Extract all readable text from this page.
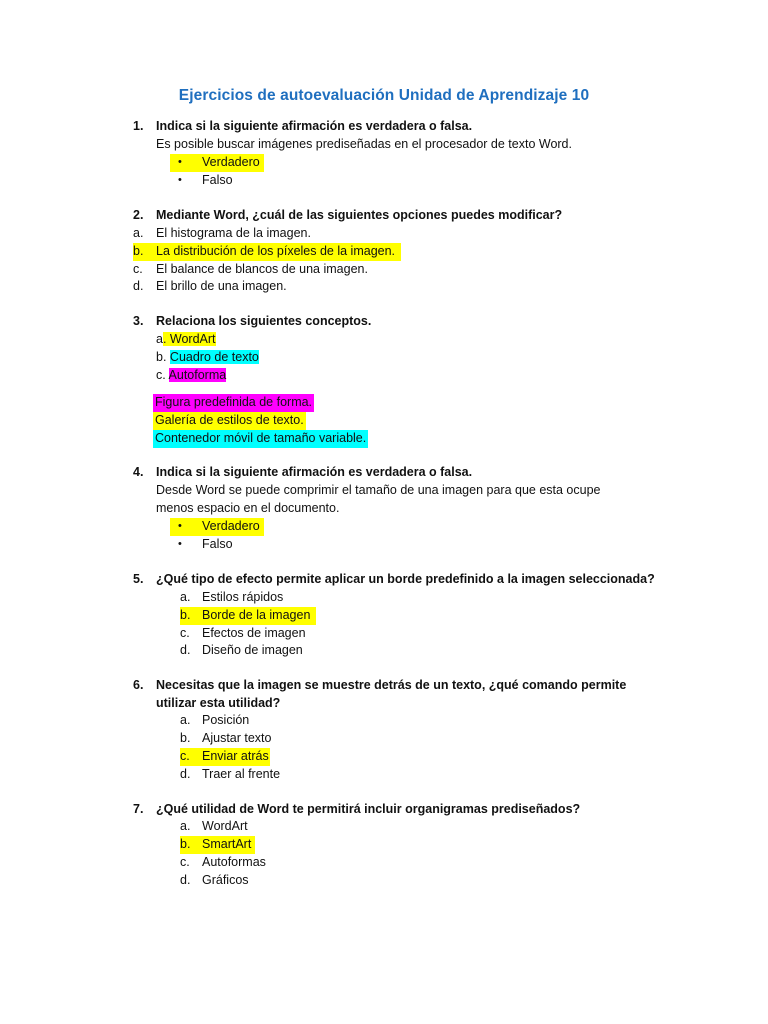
Ejercicios de autoevaluación Unidad de Aprendizaje 10
1. Indica si la siguiente afirmación es verdadera o falsa.
Es posible buscar imágenes prediseñadas en el procesador de texto Word.
• Verdadero
• Falso
2. Mediante Word, ¿cuál de las siguientes opciones puedes modificar?
a. El histograma de la imagen.
b. La distribución de los píxeles de la imagen.
c. El balance de blancos de una imagen.
d. El brillo de una imagen.
3. Relaciona los siguientes conceptos.
a. WordArt
b. Cuadro de texto
c. Autoforma
Figura predefinida de forma.
Galería de estilos de texto.
Contenedor móvil de tamaño variable.
4. Indica si la siguiente afirmación es verdadera o falsa.
Desde Word se puede comprimir el tamaño de una imagen para que esta ocupe
menos espacio en el documento.
• Verdadero
• Falso
5. ¿Qué tipo de efecto permite aplicar un borde predefinido a la imagen seleccionada?
a. Estilos rápidos
b. Borde de la imagen
c. Efectos de imagen
d. Diseño de imagen
6. Necesitas que la imagen se muestre detrás de un texto, ¿qué comando permite
utilizar esta utilidad?
a. Posición
b. Ajustar texto
c. Enviar atrás
d. Traer al frente
7. ¿Qué utilidad de Word te permitirá incluir organigramas prediseñados?
a. WordArt
b. SmartArt
c. Autoformas
d. Gráficos
